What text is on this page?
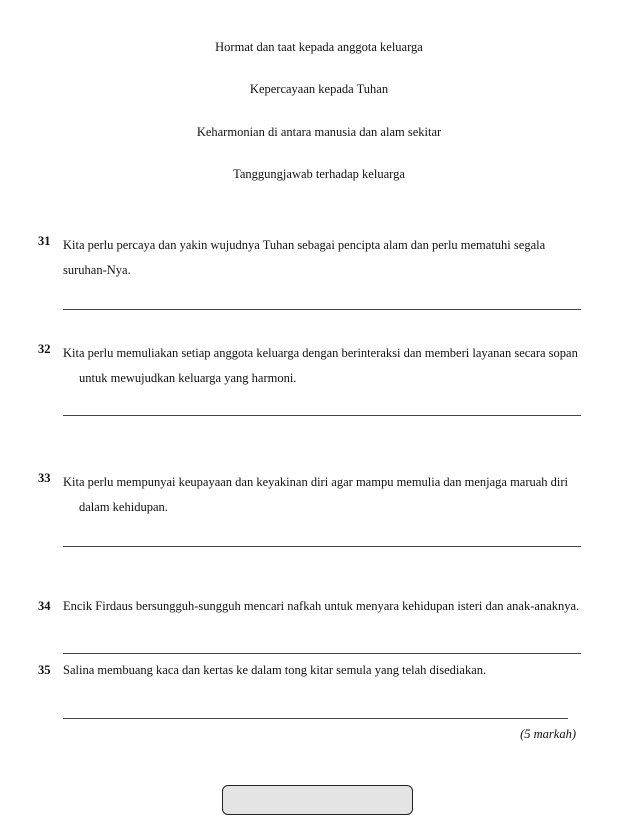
Hormat dan taat kepada anggota keluarga
Kepercayaan kepada Tuhan
Keharmonian di antara manusia dan alam sekitar
Tanggungjawab terhadap keluarga
31 Kita perlu percaya dan yakin wujudnya Tuhan sebagai pencipta alam dan perlu mematuhi segala
suruhan-Nya.
32 Kita perlu memuliakan setiap anggota keluarga dengan berinteraksi dan memberi layanan secara sopan
untuk mewujudkan keluarga yang harmoni.
33 Kita perlu mempunyai keupayaan dan keyakinan diri agar mampu memulia dan menjaga maruah diri
dalam kehidupan.
34 Encik Firdaus bersungguh-sungguh mencari nafkah untuk menyara kehidupan isteri dan anak-anaknya.
35 Salina membuang kaca dan kertas ke dalam tong kitar semula yang telah disediakan.
(5 markah)
